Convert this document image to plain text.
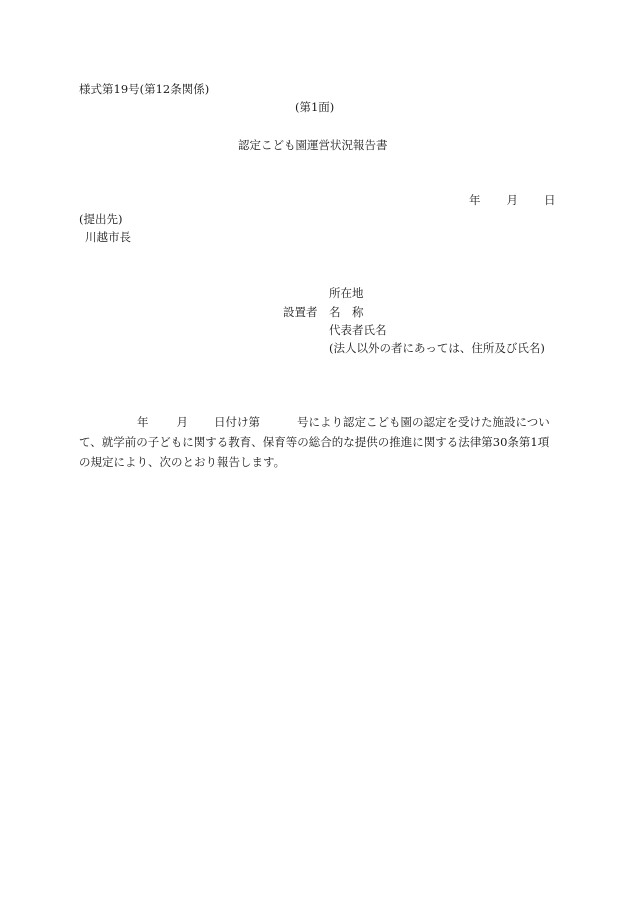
様式第19号(第12条関係)
(第1面)
認定こども園運営状況報告書
年 月 日
(提出先)
川越市長
所在地
設置者 名　称
代表者氏名
(法人以外の者にあっては、住所及び氏名)
年 月 日付け第	号により認定こども園の認定を受けた施設につい
て、就学前の子どもに関する教育、保育等の総合的な提供の推進に関する法律第30条第1項
の規定により、次のとおり報告します。
